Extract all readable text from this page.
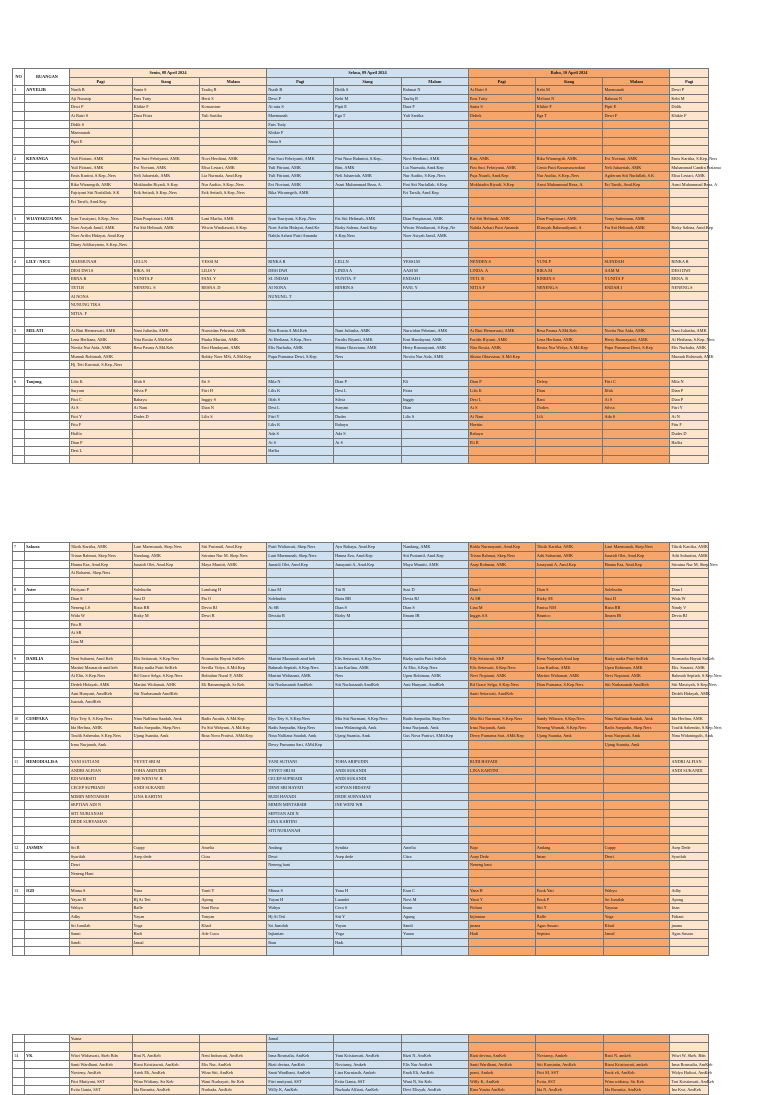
NO	RUANGAN	Senin, 08 April 2024			Selasa, 09 April 2024			Rabu, 10 April 2024			
		Pagi	Siang	Malam	Pagi	Siang	Malam	Pagi	Siang	Malam	Pagi
1	ANYELIR	Nurih B	Sania S	Taufiq R	Nurih B	Didik S	Rahmat N	Ai Ratri S	Kebi M	Maemunah	Dewi P
		Aji Nurasip	Enis Tutiy	Herti S	Dewi P	Kebi M	Taufiq R	Enis Tutiy	Meliani N	Rahmat N	Kebi M
		Dewi P	Khikie F	Komarsiun	Ai ratu S	Pipit E	Dara F	Sania S	Khikie F	Pipit E	Didik
		Ai Ratri S	Dara Fitria	Yuli Sartika	Maemunah	Ega T	Yuli Sartika	Didiek	Ega T	Dewi F	Khikie F
		Didik S			Enis Tutiy						
		Maemunah			Khikie F						
		Pipit E			Sania S						

2	KENANGA	Yuli Fitriani, AMK	Fini Suci Febriyanti, AMK	Novi Herdiani, AMK	Fini Suci Febriyanti, AMK	Fini Nuur Rahmini, S.Kep.,	Novi Herdiani, AMK	Rini, AMK	Rika Wiranegrih, AMK	Evi Noviani, AMK	Emis Kartika, S.Kep.,Ners
		Yuli Fitriani, AMK	Evi Noviani, AMK	Elisa Lestari, AMK	Yuli Fitriani, AMK	Rini, AMK	Lia Nurmala, Amd.Kep	Fini Suci Febriyanti, AMK	Cenia Putri Kusumawardani	Neli Juhaeriah, AMK	Muhammad Candra Pratama
		Emis Kartini, S.Kep.,Ners	Neli Juhaeriah, AMK	Lia Nurmala, Amd.Kep	Yuli Fitriani, AMK	Neli Juhaeriah, AMK	Nur Audito, S.Kep.,Ners	Puja Nuurli, Amd.Kep	Nur Audito, S.Kep.,Ners	Agiferam Siti Nurfallah, S.K	Elisa Lestari, AMK
		Rika Wiranegrih, AMK	Mokhtadin Riyadi, S.Kep	Nur Audito, S.Kep.,Ners	Evi Noviani, AMK	Asmi Muhammad Reza, A.	Fini Siti Nurfallah, S.Kep	Mokhtadin Riyadi, S.Kep	Asmi Muhammad Reza, A.	Eri Tarsih, Amd.Kep	Asmi Muhammad Reza, A
		Fajriyani Siti Nurfallah, S.K	Erik Setiadi, S.Kep.,Ners	Erik Setiadi, S.Kep.,Ners	Rika Wiranegrih, AMK		Eri Tarsih, Amd.Kep				
		Eri Tarsih, Amd.Kep									

3	WIJAYAKUSUMA	Iyan Tusriyani, S.Kep.,Ners	Dian Puspitasari, AMK	Lani Marlia, AMK	Iyan Tusriyani, S.Kep.,Ners	Fat Siti Helimah, AMK	Dian Puspitasari, AMK	Fat Siti Helimah, AMK	Dian Puspitasari, AMK	Tomy Suherman, AMK	
		Noer Asiyah Jamil, AMK	Fat Siti Helimah, AMK	Wiwin Windiawati, S.Kep.	Noer Arifin Hidayat, Amd.Ke	Rizky Salena, Amd.Kep	Wiwin Windiawati, S.Kep.,Ne	Nabila Azhari Putri Amanda	Eliasyah Rahmadiyanti, A	Fat Siti Helimah, AMK	Rizky Salena, Amd.Kep
		Noer Arifin Hidayat, Amd.Kep			Nabila Azhari Putri Amanda	S.Kep.Ners	Noer Asiyah Jamil, AMK				
		Dinny Adiliaryanto, S.Kep.,Ners									

4	LILY / NICU	MAEMUNAH	LELLN	YESSI M	RINKA R	LELLN	YESSI.M	NENDEN.S	YUNI.P	SUINDAH	RINKA R
		DESI DWI.S	RIKA. M	LILIS Y	DESI DWI	LINDA A	AAM M	LINDA. A	RIKA.M	AAM M	DESI DWI
		ERNA.R	YUNITA.F	FANI. Y	SI. INDAH	YUNITA. F	ENDAH I	TETI. R	RINRIN.S	YUNITA F	ERNA. R
		TETI.R	NENENG. S	RESNA .D	AI NONA	RINRIN.S	FANI. Y	NITIA.F	NENENG.S	ENDAH.I	NENENG.S
		AI NONA			NUNUNG. T						
		NUNUNG TIKA									
		NITIA. F									

5	MELATI	Ai Rini Hermawati, AMK	Nani Juliasha, AMK	Nurwidan Pebriani, AMK	Nita Rosita A.Md.Keb	Nani Juliasha, AMK	Nurwidan Pebriani, AMK	Ai Rini Hermawati, AMK	Resa Pasma A.Md.Keb	Novita Nur Aida, AMK	Nani Juliasha, AMK
		Lena Herliana, AMK	Nita Rosita A.Md.Keb	Pitaka Murtini, AMK	Ai Herliana, S.Kep.,Ners	Faridis Riyanti, AMK	Erni Handayani, AMK	Faridis Riyanti, AMK	Lena Herliana, AMK	Herty Rusmayanti, AMK	Ai Herliana, S.Kep.,Ners
		Novita Nur Aida, AMK	Resa Pasma A.Md.Keb	Erni Handayani, AMK	Elis Nurhalia, AMK	Shinta Oktaviana, AMK	Herty Rusmayanti, AMK	Nita Rosita, AMK	Resita Nur Widya, A.Md.Kep	Pupu Purnama Dewi, S.Kep	Elis Nurhalia, AMK
		Mumuh Rohimah, AMK		Rohky Noer MSi, A.Md.Kep	Pupu Purnama Dewi, S.Kep	Ners	Novita Nur Aida, AMK	Shinta Oktaviana, A.Md.Kep			Mumuh Rohimah, AMK
		Hj. Teti Kurniati, S.Kep.,Ners									

6	Tanjung	Lilis K	Iffah S	Eti S	Mila N	Dian P	Eli	Dian P	Delety	Fitri C	Mila N
		Suryani	Silvia P	Fitri H	Lilis K	Desi L	Fitria	Lilis K	Dian	Iffah	Dian P
		Fitri C	Rahayu	Inggiy S	Iffah S	Silvia	Inggiy	Desi L	Rani	Ai S	Dian P
		Ai S	Ai Nani	Dian N	Desi L	Suryani	Dian	Ai S	Dodies	Silvia	Fitri Y
		Fitri Y	Dudes D	Lilis S	Fitri Y	Dudes	Lilis S	Ai Nani	Lili	Ada S	Ai N
		Fitu F			Lilis K	Rahayu		Haettin			Fitu F
		Haffia			Ada S	Ada S		Rahayu			Dudes D
		Dian P			Ai S	Ai S		Eli R			Haffia
		Desi L			Haffia						

7	Sakura	Tikrik Kartika, AMK	Lani Maemunah, Skep.Ners	Siti Puriantil, Amd.Kep	Putri Widiawati, Skep.Ners	Ayu Rahayu, Amd.Kep	Nandang, AMK	Rahla Nurmayanti, Amd.Kep	Tikrik Kartika, AMK	Lani Maemunah, Skep.Ners	Tikrik Kartika, AMK
		Trisna Rahmat, Skep.Ners	Nandang, AMK	Sriratna Nur M, Skep.Ners	Lani Maemunah, Skep.Ners	Hanna Eza, Amd.Kep	Siti Puriantil, Amd.Kep	Trisna Rahmat, Skep.Ners	Adit Suhartini, AMK	Junaidi Olet, Amd.Kep	Adit Suhartini, AMK
		Hanna Eza, Amd.Kep	Junaidi Olet, Amd.Kep	Maya Muntiti, AMK	Junaidi Olet, Amd.Kep	Junayanti A, Amd.Kep	Maya Muntiti, AMK	Asep Rohman, AMK	Junayanti A, Amd.Kep	Hanna Eza, Amd.Kep	Sriratna Nur M, Skep.Ners
		Ai Rohaeni, Skep.Ners									

8	Aster	Fitriyani P	Solehudin	Lamlung H	Lina M	Titi R	Susi D	Dian I	Dian S	Solehudin	Dian I
		Dian S	Susi D	Pia O	Solehudin	Rizta RR	Devia RJ	Ai SR	Rizky SE	Susi D	Wida W
		Neneng LS	Rizta RR	Devia RJ	Ai SR	Dian S	Dian S	Lina M	Fanisa NM	Rizta RR	Nindy V
		Wida W	Rizky M	Dewi R	Dessita R	Rizky M	Ilmam IR	Inggis AA	Brunico	Ilmam IR	Devia RJ
		Fitu R									
		Ai SR									
		Lina M									

9	DAHLIA	Neni Suhaeni, Amd Keb	Elis Setiawati, S.Kep.Ners	Normadia Hayati SrtKeb	Martini Masnaroh amd keb	Elis Setiawati, S.Kep.Ners	Rizky nadia Putri SrtKeb	Elly Setiawati, SKP	Rena Nurjanah Amd kep	Rizky nadia Putri SrtKeb	Normadia Hayati SrtKeb
		Martini Masnaroh amd keb	Rizky nadia Putri SrtKeb	Sevilla Vidya, A.Md.Kep	Rahmah Septiah, S.Kep.Ners	Lina Karlina, AMK	Ai Elin, S.Kep.Ners	Elis Setiawati, S.Kep.Ners	Lina Karlina, AMK	Upen Rohiman, AMK	Elis. Susanti, AMK
		Ai Elin, S.Kep.Ners	Rd Grace Selga, S.Kep.Ners	Robiahm Nurul F, AMK	Martini Widianati, AMK	Ners	Upen Rohiman, AMK	Nevi Nopianti, AMK	Martini Widianati, AMK	Nevi Nopianti, AMK	Rahmah Septiah, S.Kep.Ners
		Dedeh Hidayah, AMK	Martini Widianati, AMK	Eli Ratnaningsih, Sr Keb	Siti Nurhasanah AmdKeb	Siti Nurhasanah AmdKeb	Ami Hunyani, AmdKeb	Rd Grace Selga, S.Kep.Ners	Dian Purnama, S.Kep.Ners	Siti Nurhasanah AmdKeb	Siti Masriyah, S.Kep.Ners
		Ami Hunyani, AmdKeb	Siti Nurhasanah AmdKeb					Santi Setiawati, AmdKeb			Dedeh Hidayah, AMK
		Juariah, AmdKeb									

10	CEMPAKA	Elys Tety S, S.Kep.Ners	Nina Nalfiana Saadah, Amk	Radis Awaifa, A.Md.Kep	Elys Tety S, S.Kep.Ners	Mia Siti Nurmani, S.Kep.Ners	Radis Saepudin, Skep.Ners	Mia Siti Nurmani, S.Kep.Ners	Sandy Wibawa, S.Kep.Ners	Nina Nalfiana Saadah, Amk	Ida Herlina, AMK
		Ida Herlina, AMK	Radis Saepudin, Skep.Ners	Fu Siti Wahyuni, A.Md.Kep	Radis Saepudin, Skep.Ners	Irma Widaningsih, Amk	Irma Nurjanah, Amk	Irma Nurjanah, Amk	Neneng Warnah, S.Kep.Ners	Radis Saepudin, Skep.Ners	Toufik Sahendar, S.Kep.Ners
		Toufik Sahendar, S.Kep.Ners	Ujang Suanita, Amk	Rina Nova Pratiwi, AMd.Kep	Nina Nalfiana Saadah, Amk	Ujang Suanita, Amk	Gus Nova Pratiwi, AMd.Kep	Dewy Purnama Sari, AMd.Kep	Ujang Suanita, Amk	Irma Nurjanah, Amk	Nina Widaningsih, Amk
		Irma Nurjanah, Amk			Dewy Purnama Sari, AMd.Kep					Ujang Suanita, Amk	

11	HEMODIALISA	YANI SUTIANI	YEYET SRI M		YANI SUTIANI	TOHA ARIFUDIN		RUDI HAYADI			ANDRI ALFIAN
		ANDRI ALFIAN	TOHA ARIFUDIN		YEYET SRI M	ANDI SUKANDI		LINA KARTINI			ANDI SUKANDI
		EDI WARSITI	INE WENI W. R		CECEP SUPRIADI	ANDI SUKANDI					
		CECEP SUPRIADI	ANDI SUKANDI		DEWI SRI HAYATI	SOFYAN HIDAYAT					
		MIMIN MINTARSIH	LINA KARTINI		RUDI HAYADI	DEDE SURYAMAN					
		SEPTIAN ADI N			MIMIN MINTARSIH	INE WENI WR					
		SITI NURJANAH			SEPTIAN ADI N						
		DEDE SURYAMAN			LINA KARTINI						
					SITI NURJANAH						

12	JASMIN	Sri R	Cuppy	Amelia	Andang	Synthia	Amelia	Bajo	Andang	Cuppy	Asep Dede
		Syarifah	Asep dede	Citra	Desri	Asep dede	Citra	Asep Dede	Intan	Desri	Syarifah
		Desri			Neneng hani			Neneng hani			
		Neneng Hani									

13	IGD	Minna S	Yana	Yanti Y	Minna S	Yana H	Eran C	Yana H	Enok Yati	Wahyu	Adhy
		Yayan H	Hj Ai Teti	Apong	Yayan H	Laundei	Novi M	Yanti Y	Enok P	Sri Jumilah	Apong
		Wahyu	Rafle	Sani Rosa	Wahyu	Ceca S	Iman	Fidiani	Siti Y	Yayuna	Irtan
		Adhy	Yayan	Yanyan	Hj Ai Teti	Siti Y	Agung	Injianian	Rafle	Yoga	Fidiani
		Sri Jumilah	Yoga	Khaif	Sri Jumilah	Yayan	Sandi	jmana	Agus Susaro	Khaif	jmana
		Sanni	Hadi	Ade Cucu	Injianian	Yoga	Yuana	Hadi	Septian	Jamal	Agus Susaro
		Sandi	Jamal		Iban	Hadi					

		Yuana			Jamal						

14	VK	Wiwi Widiawati, Skeb Bdn	Rini N, AmKeb	Neni Indrawati, AmKeb	Irma Rosmalia, AmKeb	Yuni Kristiawati, AmKeb	Rizti N, AmKeb	Rizti devina, AmKeb	Noviansy, Amkeb	Rizti N, amkeb	Wiwi W, Skeb. Bdn
		Santi Wardhani, AmKeb	Rizni Kristiawati, AmKeb	Elis Nur, AmKeb	Rizti devina, AmKeb	Noviansy, Amkeb	Elis Nur AmKeb	Santi Wardhani, AmKeb	Siti Kurniatin, AmKeb	Rizni Kristiawati, amkeb	Irma Rosmalia, AmKeb
		Novieny, AmKeb	Ariek Eli, AmKeb	Wina Siti, AmKeb	Santi Wardhani, AmKeb	Lina Kurniasih, Amkeb	Enok Eli, AmKeb	prani, Amkeb	Fitri M, SST	Enok eli, AmKeb	Widya Hafiuri, AmKeb
		Fitri Mutiyani, SST	Wina Widiany, Str Keb	Wani Nurhayati, Str Keb	Fitri mutiyani, SST	Evita Gania, SST	Wani N, Str Keb	Willy K, AmKeb	Evita, SST	Wina widiany, Str Keb	Tari Kristiawati, AmKeb
		Evita Gania, SST	Ida Rusmita, AmKeb	Nurhada, AmKeb	Willy K, AmKeb	Nurhada Alfiani, AmKeb	Devi Elisyah, AmKeb	Rina Yunita AmKeb	Ida N, AmKeb	Ida Rusmita, AmKeb	Ina Kwi, AmKeb
